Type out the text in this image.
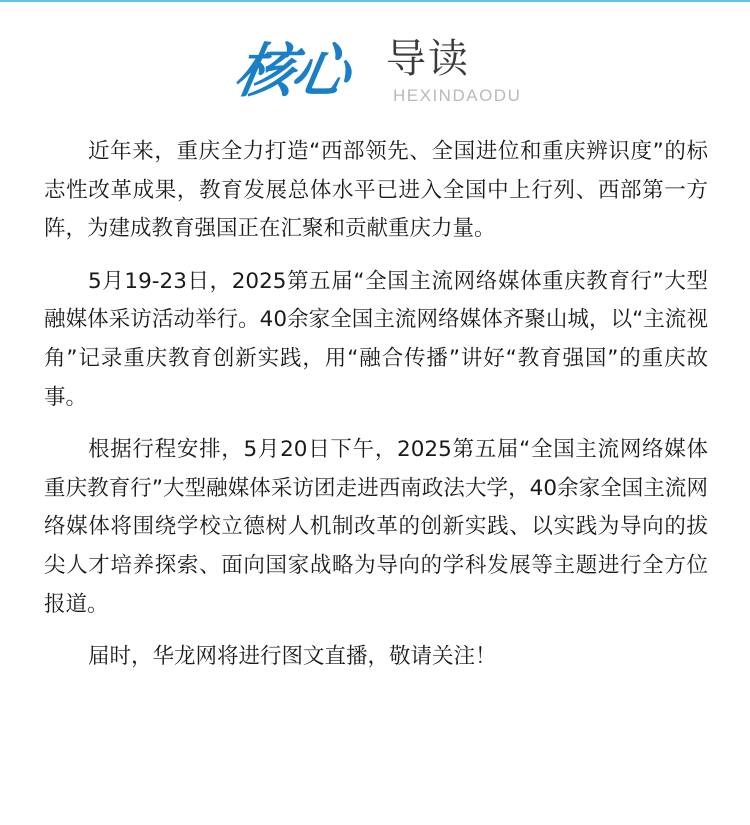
核心 导读
HEXINDAODU

近年来，重庆全力打造“西部领先、全国进位和重庆辨识度”的标志性改革成果，教育发展总体水平已进入全国中上行列、西部第一方阵，为建成教育强国正在汇聚和贡献重庆力量。

5月19-23日，2025第五届“全国主流网络媒体重庆教育行”大型融媒体采访活动举行。40余家全国主流网络媒体齐聚山城，以“主流视角”记录重庆教育创新实践，用“融合传播”讲好“教育强国”的重庆故事。

根据行程安排，5月20日下午，2025第五届“全国主流网络媒体重庆教育行”大型融媒体采访团走进西南政法大学，40余家全国主流网络媒体将围绕学校立德树人机制改革的创新实践、以实践为导向的拔尖人才培养探索、面向国家战略为导向的学科发展等主题进行全方位报道。

届时，华龙网将进行图文直播，敬请关注！
